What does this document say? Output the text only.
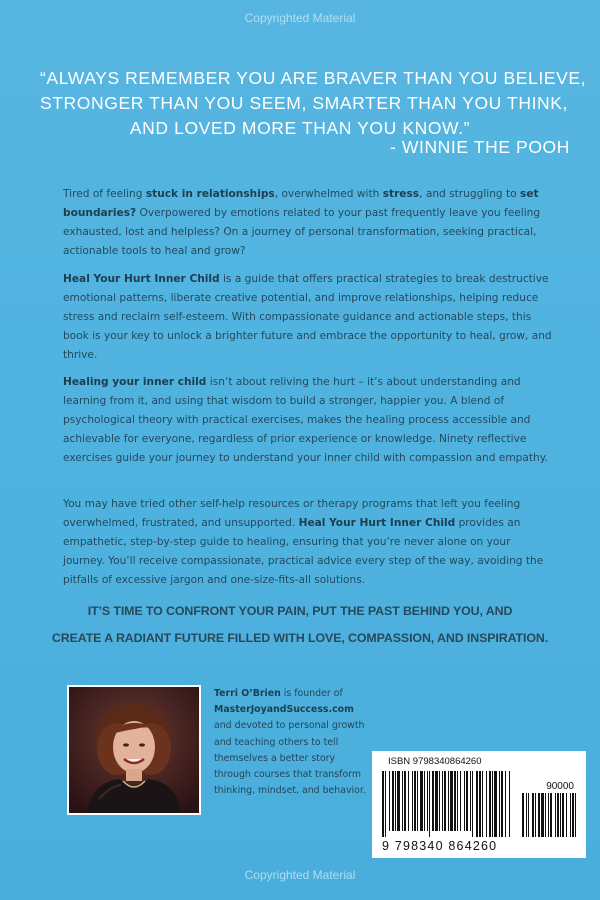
Copyrighted Material
“ALWAYS REMEMBER YOU ARE BRAVER THAN YOU BELIEVE,
STRONGER THAN YOU SEEM, SMARTER THAN YOU THINK,
AND LOVED MORE THAN YOU KNOW.”
- WINNIE THE POOH
Tired of feeling stuck in relationships, overwhelmed with stress, and struggling to set boundaries? Overpowered by emotions related to your past frequently leave you feeling exhausted, lost and helpless? On a journey of personal transformation, seeking practical, actionable tools to heal and grow?
Heal Your Hurt Inner Child is a guide that offers practical strategies to break destructive emotional patterns, liberate creative potential, and improve relationships, helping reduce stress and reclaim self-esteem. With compassionate guidance and actionable steps, this book is your key to unlock a brighter future and embrace the opportunity to heal, grow, and thrive.
Healing your inner child isn’t about reliving the hurt – it’s about understanding and learning from it, and using that wisdom to build a stronger, happier you. A blend of psychological theory with practical exercises, makes the healing process accessible and achievable for everyone, regardless of prior experience or knowledge. Ninety reflective exercises guide your journey to understand your inner child with compassion and empathy.
You may have tried other self-help resources or therapy programs that left you feeling overwhelmed, frustrated, and unsupported. Heal Your Hurt Inner Child provides an empathetic, step-by-step guide to healing, ensuring that you’re never alone on your journey. You’ll receive compassionate, practical advice every step of the way, avoiding the pitfalls of excessive jargon and one-size-fits-all solutions.
IT’S TIME TO CONFRONT YOUR PAIN, PUT THE PAST BEHIND YOU, AND
CREATE A RADIANT FUTURE FILLED WITH LOVE, COMPASSION, AND INSPIRATION.
Terri O’Brien is founder of MasterJoyandSuccess.com and devoted to personal growth and teaching others to tell themselves a better story through courses that transform thinking, mindset, and behavior.
ISBN 9798340864260
90000
9 798340 864260
Copyrighted Material
